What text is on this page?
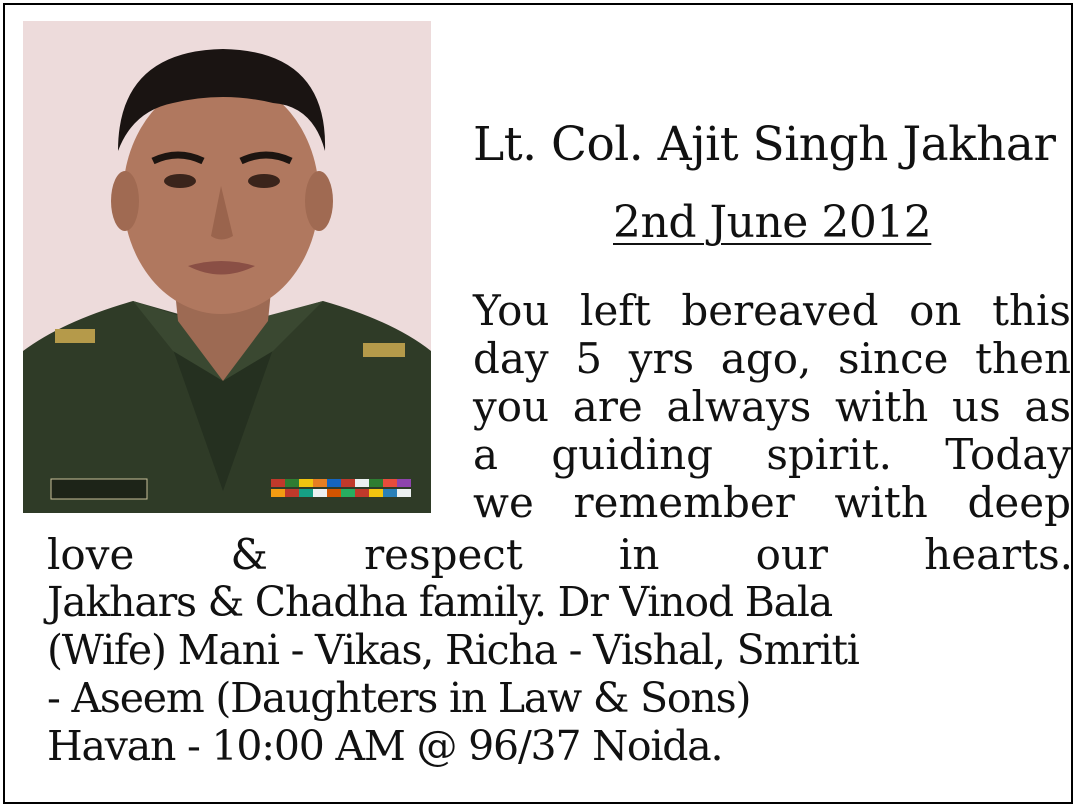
Lt. Col. Ajit Singh Jakhar
2nd June 2012
You left bereaved on this
day 5 yrs ago, since then
you are always with us as
a guiding spirit. Today
we remember with deep
love & respect in our hearts.
Jakhars & Chadha family. Dr Vinod Bala
(Wife) Mani - Vikas, Richa - Vishal, Smriti
- Aseem (Daughters in Law & Sons)
Havan - 10:00 AM @ 96/37 Noida.
